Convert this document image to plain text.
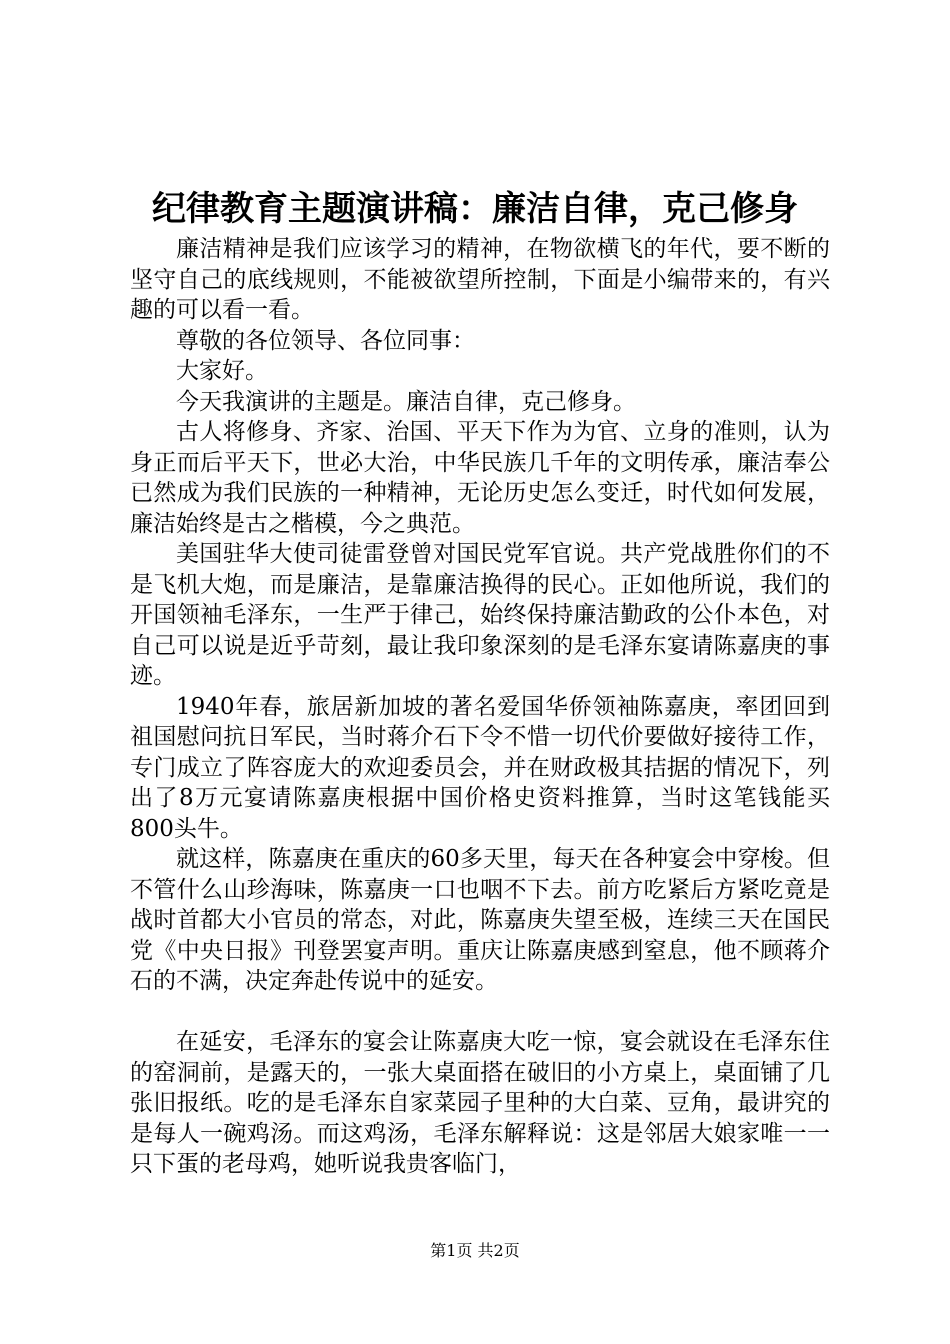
纪律教育主题演讲稿：廉洁自律，克己修身

廉洁精神是我们应该学习的精神，在物欲横飞的年代，要不断的坚守自己的底线规则，不能被欲望所控制，下面是小编带来的，有兴趣的可以看一看。

尊敬的各位领导、各位同事：

大家好。

今天我演讲的主题是。廉洁自律，克己修身。

古人将修身、齐家、治国、平天下作为为官、立身的准则，认为身正而后平天下，世必大治，中华民族几千年的文明传承，廉洁奉公已然成为我们民族的一种精神，无论历史怎么变迁，时代如何发展，廉洁始终是古之楷模，今之典范。

美国驻华大使司徒雷登曾对国民党军官说。共产党战胜你们的不是飞机大炮，而是廉洁，是靠廉洁换得的民心。正如他所说，我们的开国领袖毛泽东，一生严于律己，始终保持廉洁勤政的公仆本色，对自己可以说是近乎苛刻，最让我印象深刻的是毛泽东宴请陈嘉庚的事迹。

1940年春，旅居新加坡的著名爱国华侨领袖陈嘉庚，率团回到祖国慰问抗日军民，当时蒋介石下令不惜一切代价要做好接待工作，专门成立了阵容庞大的欢迎委员会，并在财政极其拮据的情况下，列出了8万元宴请陈嘉庚根据中国价格史资料推算，当时这笔钱能买800头牛。

就这样，陈嘉庚在重庆的60多天里，每天在各种宴会中穿梭。但不管什么山珍海味，陈嘉庚一口也咽不下去。前方吃紧后方紧吃竟是战时首都大小官员的常态，对此，陈嘉庚失望至极，连续三天在国民党《中央日报》刊登罢宴声明。重庆让陈嘉庚感到窒息，他不顾蒋介石的不满，决定奔赴传说中的延安。

在延安，毛泽东的宴会让陈嘉庚大吃一惊，宴会就设在毛泽东住的窑洞前，是露天的，一张大桌面搭在破旧的小方桌上，桌面铺了几张旧报纸。吃的是毛泽东自家菜园子里种的大白菜、豆角，最讲究的是每人一碗鸡汤。而这鸡汤，毛泽东解释说：这是邻居大娘家唯一一只下蛋的老母鸡，她听说我贵客临门，

第1页 共2页
